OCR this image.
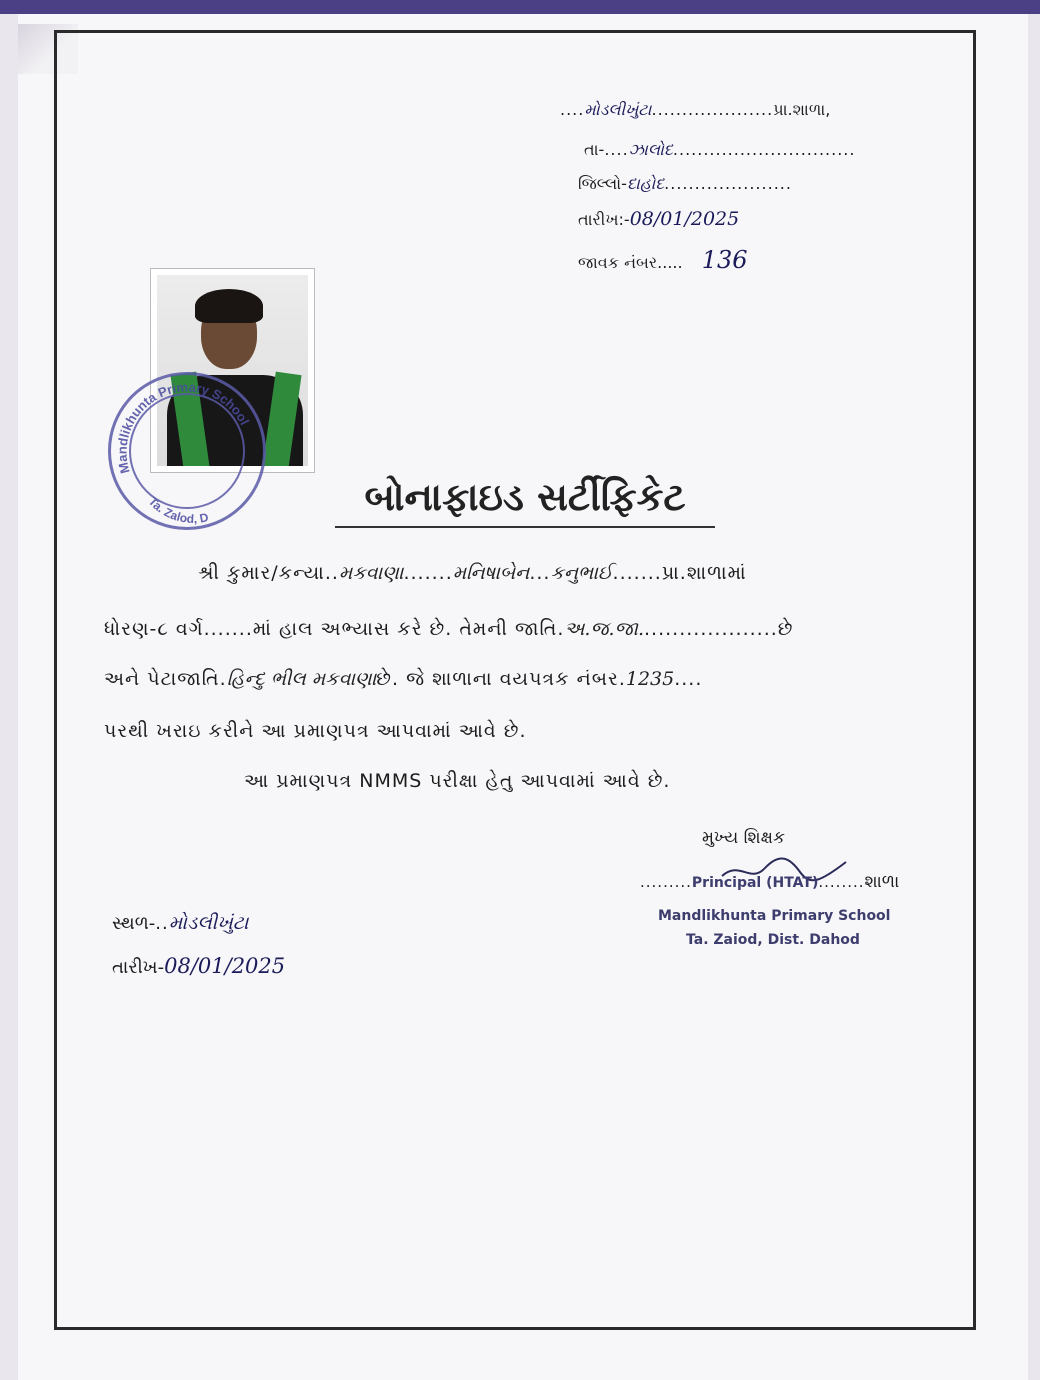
....મોડલીખુંટા....................પ્રા.શાળા,
તા-....ઝાલોદ..............................
જિલ્લો-દાહોદ.....................
તારીખ:-08/01/2025
જાવક નંબર..... 136
Mandlikhunta Primary School
Ta. Zalod, D	બોનાફાઇડ સર્ટીફિકેટ
શ્રી કુમાર/કન્યા..મકવાણા.......મનિષાબેન...કનુભાઈ.......પ્રા.શાળામાં
ધોરણ-૮ વર્ગ.......માં હાલ અભ્યાસ કરે છે. તેમની જાતિ.અ.જ.જા....................છે
અને પેટાજાતિ.હિન્દુ ભીલ મકવાણાછે. જે શાળાના વયપત્રક નંબર.1235....
પરથી ખરાઇ કરીને આ પ્રમાણપત્ર આપવામાં આવે છે.
આ પ્રમાણપત્ર NMMS પરીક્ષા હેતુ આપવામાં આવે છે.
મુખ્ય શિક્ષક
.........Principal (HTAT)........શાળા
Mandlikhunta Primary School
Ta. Zaiod, Dist. Dahod
સ્થળ-..મોડલીખુંટા
તારીખ-08/01/2025
